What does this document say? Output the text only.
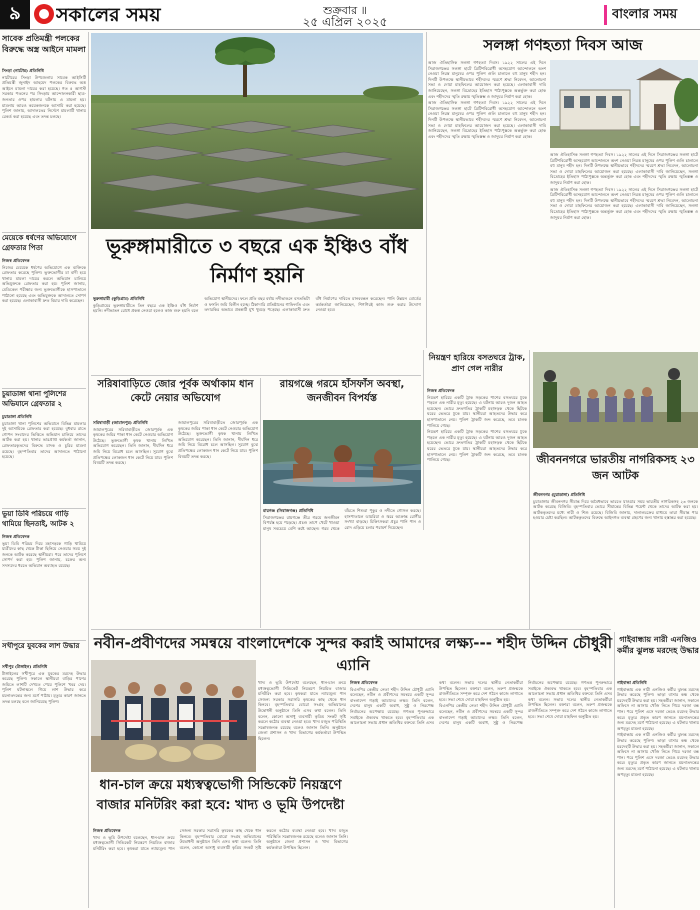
৯	সকালের সময়	শুক্রবার ॥
২৫ এপ্রিল ২০২৫	বাংলার সময়
সাবেক প্রতিমন্ত্রী পলকের বিরুদ্ধে অস্ত্র আইনে মামলা

সিংড়া (নাটোর) প্রতিনিধি

নাটোরের সিংড়া উপজেলায় সাবেক আইসিটি প্রতিমন্ত্রী জুনাইদ আহমেদ পলকের বিরুদ্ধে অস্ত্র আইনে মামলা দায়ের করা হয়েছে। গত ৫ আগস্ট সরকার পতনের পর সিংড়ায় আন্দোলনকারী ছাত্র-জনতার ওপর হামলার ঘটনায় এ মামলা হয়। মামলায় আরও কয়েকজনকে আসামি করা হয়েছে। পুলিশ জানায়, আদালতের নির্দেশে মামলাটি থানায় রেকর্ড করা হয়েছে এবং তদন্ত চলছে।

মেয়েকে ধর্ষণের অভিযোগে গ্রেফতার পিতা

নিজস্ব প্রতিবেদক

নিজের মেয়েকে ধর্ষণের অভিযোগে এক ব্যক্তিকে গ্রেফতার করেছে পুলিশ। ভুক্তভোগীর মা বাদী হয়ে থানায় মামলা দায়ের করলে অভিযান চালিয়ে অভিযুক্তকে গ্রেফতার করা হয়। পুলিশ জানায়, মেডিকেল পরীক্ষার জন্য ভুক্তভোগীকে হাসপাতালে পাঠানো হয়েছে এবং অভিযুক্তকে আদালতে সোপর্দ করা হয়েছে। এলাকাবাসী দ্রুত বিচার দাবি করেছেন।

চুয়াডাঙ্গা থানা পুলিশের অভিযানে গ্রেফতার ২

চুয়াডাঙ্গা প্রতিনিধি

চুয়াডাঙ্গা থানা পুলিশের অভিযানে বিভিন্ন মামলার দুই আসামিকে গ্রেফতার করা হয়েছে। বুধবার রাতে গোপন সংবাদের ভিত্তিতে অভিযান চালিয়ে তাদের আটক করা হয়। থানার ভারপ্রাপ্ত কর্মকর্তা জানান, গ্রেফতারকৃতদের বিরুদ্ধে মাদক ও চুরির মামলা রয়েছে। বৃহস্পতিবার তাদের আদালতে পাঠানো হয়েছে।

ভুয়া ডিবি পরিচয়ে গাড়ি থামিয়ে ছিনতাই, আটক ২

নিজস্ব প্রতিবেদক

ভুয়া ডিবি পরিচয় দিয়ে মহাসড়কে গাড়ি থামিয়ে যাত্রীদের কাছ থেকে টাকা ছিনিয়ে নেওয়ার সময় দুই জনকে আটক করেছে স্থানীয়রা। পরে তাদের পুলিশে সোপর্দ করা হয়। পুলিশ জানায়, চক্রের অন্য সদস্যদের ধরতে অভিযান অব্যাহত রয়েছে।

সখীপুরে যুবকের লাশ উদ্ধার

সখীপুর (টাঙ্গাইল) প্রতিনিধি

টাঙ্গাইলের সখীপুরে এক যুবকের মরদেহ উদ্ধার করেছে পুলিশ। সকালে স্থানীয়রা বাড়ির পাশের জমিতে লাশটি দেখতে পেয়ে পুলিশে খবর দেয়। পুলিশ ঘটনাস্থলে গিয়ে লাশ উদ্ধার করে ময়নাতদন্তের জন্য মর্গে পাঠায়। মৃত্যুর কারণ জানতে তদন্ত চলছে বলে জানিয়েছে পুলিশ।

সলঙ্গা গণহত্যা দিবস আজ

আজ ঐতিহাসিক সলঙ্গা গণহত্যা দিবস। ১৯২২ সালের এই দিনে সিরাজগঞ্জের সলঙ্গা হাটে ব্রিটিশবিরোধী অসহযোগ আন্দোলনে অংশ নেওয়া নিরস্ত্র মানুষের ওপর পুলিশ গুলি চালালে বহু মানুষ শহীদ হন। দিনটি উপলক্ষে স্থানীয়ভাবে শহীদদের স্মরণে শ্রদ্ধা নিবেদন, আলোচনা সভা ও দোয়া মাহফিলের আয়োজন করা হয়েছে। এলাকাবাসী দাবি জানিয়েছেন, সলঙ্গা বিদ্রোহের ইতিহাস পাঠ্যপুস্তকে অন্তর্ভুক্ত করা হোক এবং শহীদদের স্মৃতি রক্ষায় স্মৃতিস্তম্ভ ও জাদুঘর নির্মাণ করা হোক।

আজ ঐতিহাসিক সলঙ্গা গণহত্যা দিবস। ১৯২২ সালের এই দিনে সিরাজগঞ্জের সলঙ্গা হাটে ব্রিটিশবিরোধী অসহযোগ আন্দোলনে অংশ নেওয়া নিরস্ত্র মানুষের ওপর পুলিশ গুলি চালালে বহু মানুষ শহীদ হন। দিনটি উপলক্ষে স্থানীয়ভাবে শহীদদের স্মরণে শ্রদ্ধা নিবেদন, আলোচনা সভা ও দোয়া মাহফিলের আয়োজন করা হয়েছে। এলাকাবাসী দাবি জানিয়েছেন, সলঙ্গা বিদ্রোহের ইতিহাস পাঠ্যপুস্তকে অন্তর্ভুক্ত করা হোক এবং শহীদদের স্মৃতি রক্ষায় স্মৃতিস্তম্ভ ও জাদুঘর নির্মাণ করা হোক।

আজ ঐতিহাসিক সলঙ্গা গণহত্যা দিবস। ১৯২২ সালের এই দিনে সিরাজগঞ্জের সলঙ্গা হাটে ব্রিটিশবিরোধী অসহযোগ আন্দোলনে অংশ নেওয়া নিরস্ত্র মানুষের ওপর পুলিশ গুলি চালালে বহু মানুষ শহীদ হন। দিনটি উপলক্ষে স্থানীয়ভাবে শহীদদের স্মরণে শ্রদ্ধা নিবেদন, আলোচনা সভা ও দোয়া মাহফিলের আয়োজন করা হয়েছে। এলাকাবাসী দাবি জানিয়েছেন, সলঙ্গা বিদ্রোহের ইতিহাস পাঠ্যপুস্তকে অন্তর্ভুক্ত করা হোক এবং শহীদদের স্মৃতি রক্ষায় স্মৃতিস্তম্ভ ও জাদুঘর নির্মাণ করা হোক।

আজ ঐতিহাসিক সলঙ্গা গণহত্যা দিবস। ১৯২২ সালের এই দিনে সিরাজগঞ্জের সলঙ্গা হাটে ব্রিটিশবিরোধী অসহযোগ আন্দোলনে অংশ নেওয়া নিরস্ত্র মানুষের ওপর পুলিশ গুলি চালালে বহু মানুষ শহীদ হন। দিনটি উপলক্ষে স্থানীয়ভাবে শহীদদের স্মরণে শ্রদ্ধা নিবেদন, আলোচনা সভা ও দোয়া মাহফিলের আয়োজন করা হয়েছে। এলাকাবাসী দাবি জানিয়েছেন, সলঙ্গা বিদ্রোহের ইতিহাস পাঠ্যপুস্তকে অন্তর্ভুক্ত করা হোক এবং শহীদদের স্মৃতি রক্ষায় স্মৃতিস্তম্ভ ও জাদুঘর নির্মাণ করা হোক।

ভূরুঙ্গামারীতে ৩ বছরে এক ইঞ্চিও বাঁধ নির্মাণ হয়নি

ভূরুঙ্গামারী (কুড়িগ্রাম) প্রতিনিধি

কুড়িগ্রামের ভূরুঙ্গামারীতে তিন বছরে এক ইঞ্চিও বাঁধ নির্মাণ হয়নি। নদীভাঙন রোধে প্রকল্প নেওয়া হলেও কাজ শুরু হয়নি বলে অভিযোগ স্থানীয়দের। ফলে প্রতি বছর বর্ষায় নদীভাঙনে বসতভিটা ও ফসলি জমি বিলীন হচ্ছে। ঠিকাদারি প্রতিষ্ঠানের গাফিলতি এবং তদারকির অভাবে প্রকল্পটি মুখ থুবড়ে পড়েছে। এলাকাবাসী দ্রুত বাঁধ নির্মাণের দাবিতে মানববন্ধন করেছেন। পানি উন্নয়ন বোর্ডের কর্মকর্তারা জানিয়েছেন, শিগগিরই কাজ শুরু করার উদ্যোগ নেওয়া হবে।

নিয়ন্ত্রণ হারিয়ে বসতঘরে ট্রাক, প্রাণ গেল নারীর

নিজস্ব প্রতিবেদক

নিয়ন্ত্রণ হারিয়ে একটি ট্রাক সড়কের পাশের বসতঘরে ঢুকে পড়লে এক নারীর মৃত্যু হয়েছে। এ ঘটনায় আরও দুজন আহত হয়েছেন। ভোরে দ্রুতগতির ট্রাকটি মহাসড়ক থেকে ছিটকে ঘরের ভেতরে ঢুকে যায়। স্থানীয়রা আহতদের উদ্ধার করে হাসপাতালে নেয়। পুলিশ ট্রাকটি জব্দ করেছে, তবে চালক পালিয়ে গেছে।

নিয়ন্ত্রণ হারিয়ে একটি ট্রাক সড়কের পাশের বসতঘরে ঢুকে পড়লে এক নারীর মৃত্যু হয়েছে। এ ঘটনায় আরও দুজন আহত হয়েছেন। ভোরে দ্রুতগতির ট্রাকটি মহাসড়ক থেকে ছিটকে ঘরের ভেতরে ঢুকে যায়। স্থানীয়রা আহতদের উদ্ধার করে হাসপাতালে নেয়। পুলিশ ট্রাকটি জব্দ করেছে, তবে চালক পালিয়ে গেছে।

সরিষাবাড়িতে জোর পূর্বক অর্থাকাম ধান কেটে নেয়ার অভিযোগ

সরিষাবাড়ী (জামালপুর) প্রতিনিধি

জামালপুরের সরিষাবাড়ীতে জোরপূর্বক এক কৃষকের জমির পাকা ধান কেটে নেওয়ার অভিযোগ উঠেছে। ভুক্তভোগী কৃষক থানায় লিখিত অভিযোগ করেছেন। তিনি জানান, দীর্ঘদিন ধরে জমি নিয়ে বিরোধ চলে আসছিল। সুযোগ বুঝে প্রতিপক্ষের লোকজন ধান কেটে নিয়ে যায়। পুলিশ বিষয়টি তদন্ত করছে।

জামালপুরের সরিষাবাড়ীতে জোরপূর্বক এক কৃষকের জমির পাকা ধান কেটে নেওয়ার অভিযোগ উঠেছে। ভুক্তভোগী কৃষক থানায় লিখিত অভিযোগ করেছেন। তিনি জানান, দীর্ঘদিন ধরে জমি নিয়ে বিরোধ চলে আসছিল। সুযোগ বুঝে প্রতিপক্ষের লোকজন ধান কেটে নিয়ে যায়। পুলিশ বিষয়টি তদন্ত করছে।

রায়গঞ্জে গরমে হাঁসফাঁস অবস্থা, জনজীবন বিপর্যস্ত

রায়গঞ্জ (সিরাজগঞ্জ) প্রতিনিধি

সিরাজগঞ্জের রায়গঞ্জে তীব্র গরমে জনজীবন বিপর্যস্ত হয়ে পড়েছে। প্রচণ্ড তাপে খেটে খাওয়া মানুষ সবচেয়ে বেশি কষ্টে আছেন। গরম থেকে বাঁচতে শিশুরা পুকুর ও নদীতে গোসল করছে। হাসপাতালে ডায়রিয়া ও জ্বরে আক্রান্ত রোগীর সংখ্যা বাড়ছে। চিকিৎসকরা প্রচুর পানি পান ও রোদ এড়িয়ে চলার পরামর্শ দিয়েছেন।

জীবননগরে ভারতীয় নাগরিকসহ ২৩ জন আটক

জীবননগর (চুয়াডাঙ্গা) প্রতিনিধি

চুয়াডাঙ্গার জীবননগর সীমান্ত দিয়ে অবৈধভাবে ভারতে যাওয়ার সময় ভারতীয় নাগরিকসহ ২৩ জনকে আটক করেছে বিজিবি। বৃহস্পতিবার ভোরে সীমান্তের বিভিন্ন পয়েন্ট থেকে তাদের আটক করা হয়। আটককৃতদের মধ্যে নারী ও শিশু রয়েছে। বিজিবি জানায়, দালালচক্রের মাধ্যমে তারা সীমান্ত পার হওয়ার চেষ্টা করছিল। আটককৃতদের বিরুদ্ধে আইনগত ব্যবস্থা গ্রহণের জন্য থানায় হস্তান্তর করা হয়েছে।

নবীন-প্রবীণদের সমন্বয়ে বাংলাদেশকে সুন্দর করাই আমাদের লক্ষ্য--- শহীদ উদ্দিন চৌধুরী এ্যানি

নিজস্ব প্রতিবেদক

বিএনপির কেন্দ্রীয় নেতা শহীদ উদ্দিন চৌধুরী এ্যানি বলেছেন, নবীন ও প্রবীণদের সমন্বয়ে একটি সুন্দর বাংলাদেশ গড়াই আমাদের লক্ষ্য। তিনি বলেন, দেশের মানুষ একটি অবাধ, সুষ্ঠু ও নিরপেক্ষ নির্বাচনের অপেক্ষায় রয়েছে। গণতন্ত্র পুনরুদ্ধারে সবাইকে ঐক্যবদ্ধ থাকতে হবে। বৃহস্পতিবার এক আলোচনা সভায় প্রধান অতিথির বক্তব্যে তিনি এসব কথা বলেন। সভায় দলের স্থানীয় নেতাকর্মীরা উপস্থিত ছিলেন। বক্তারা বলেন, তরুণ প্রজন্মকে রাজনীতিতে সম্পৃক্ত করে দেশ গঠনে কাজে লাগাতে হবে। সভা শেষে দোয়া মাহফিল অনুষ্ঠিত হয়।

বিএনপির কেন্দ্রীয় নেতা শহীদ উদ্দিন চৌধুরী এ্যানি বলেছেন, নবীন ও প্রবীণদের সমন্বয়ে একটি সুন্দর বাংলাদেশ গড়াই আমাদের লক্ষ্য। তিনি বলেন, দেশের মানুষ একটি অবাধ, সুষ্ঠু ও নিরপেক্ষ নির্বাচনের অপেক্ষায় রয়েছে। গণতন্ত্র পুনরুদ্ধারে সবাইকে ঐক্যবদ্ধ থাকতে হবে। বৃহস্পতিবার এক আলোচনা সভায় প্রধান অতিথির বক্তব্যে তিনি এসব কথা বলেন। সভায় দলের স্থানীয় নেতাকর্মীরা উপস্থিত ছিলেন। বক্তারা বলেন, তরুণ প্রজন্মকে রাজনীতিতে সম্পৃক্ত করে দেশ গঠনে কাজে লাগাতে হবে। সভা শেষে দোয়া মাহফিল অনুষ্ঠিত হয়।

খাদ্য ও ভূমি উপদেষ্টা বলেছেন, ধান-চাল ক্রয়ে মধ্যস্বত্বভোগী সিন্ডিকেট নিয়ন্ত্রণে নিয়মিত বাজার মনিটরিং করা হবে। কৃষকরা যাতে ন্যায্যমূল্য পান সেজন্য সরকার সরাসরি কৃষকের কাছ থেকে ধান কিনবে। বৃহস্পতিবার বোরো সংগ্রহ অভিযানের উদ্বোধনী অনুষ্ঠানে তিনি এসব কথা বলেন। তিনি বলেন, কোনো অসাধু ব্যবসায়ী কৃত্রিম সংকট সৃষ্টি করলে কঠোর ব্যবস্থা নেওয়া হবে। খাদ্য মজুত পরিস্থিতি সন্তোষজনক রয়েছে বলেও জানান তিনি। অনুষ্ঠানে জেলা প্রশাসন ও খাদ্য বিভাগের কর্মকর্তারা উপস্থিত ছিলেন।

ধান-চাল ক্রয়ে মধ্যস্বত্বভোগী সিন্ডিকেট নিয়ন্ত্রণে বাজার মনিটরিং করা হবে: খাদ্য ও ভূমি উপদেষ্টা

নিজস্ব প্রতিবেদক

খাদ্য ও ভূমি উপদেষ্টা বলেছেন, ধান-চাল ক্রয়ে মধ্যস্বত্বভোগী সিন্ডিকেট নিয়ন্ত্রণে নিয়মিত বাজার মনিটরিং করা হবে। কৃষকরা যাতে ন্যায্যমূল্য পান সেজন্য সরকার সরাসরি কৃষকের কাছ থেকে ধান কিনবে। বৃহস্পতিবার বোরো সংগ্রহ অভিযানের উদ্বোধনী অনুষ্ঠানে তিনি এসব কথা বলেন। তিনি বলেন, কোনো অসাধু ব্যবসায়ী কৃত্রিম সংকট সৃষ্টি করলে কঠোর ব্যবস্থা নেওয়া হবে। খাদ্য মজুত পরিস্থিতি সন্তোষজনক রয়েছে বলেও জানান তিনি। অনুষ্ঠানে জেলা প্রশাসন ও খাদ্য বিভাগের কর্মকর্তারা উপস্থিত ছিলেন।

গাইবান্ধায় নারী এনজিও কর্মীর ঝুলন্ত মরদেহ উদ্ধার

গাইবান্ধা প্রতিনিধি

গাইবান্ধায় এক নারী এনজিও কর্মীর ঝুলন্ত মরদেহ উদ্ধার করেছে পুলিশ। ভাড়া বাসার কক্ষ থেকে মরদেহটি উদ্ধার করা হয়। সহকর্মীরা জানান, সকালে অফিসে না আসায় খোঁজ নিতে গিয়ে দরজা বন্ধ পান। পরে পুলিশ এসে দরজা ভেঙে মরদেহ উদ্ধার করে। মৃত্যুর প্রকৃত কারণ জানতে ময়নাতদন্তের জন্য মরদেহ মর্গে পাঠানো হয়েছে। এ ঘটনায় থানায় অপমৃত্যু মামলা হয়েছে।

গাইবান্ধায় এক নারী এনজিও কর্মীর ঝুলন্ত মরদেহ উদ্ধার করেছে পুলিশ। ভাড়া বাসার কক্ষ থেকে মরদেহটি উদ্ধার করা হয়। সহকর্মীরা জানান, সকালে অফিসে না আসায় খোঁজ নিতে গিয়ে দরজা বন্ধ পান। পরে পুলিশ এসে দরজা ভেঙে মরদেহ উদ্ধার করে। মৃত্যুর প্রকৃত কারণ জানতে ময়নাতদন্তের জন্য মরদেহ মর্গে পাঠানো হয়েছে। এ ঘটনায় থানায় অপমৃত্যু মামলা হয়েছে।
